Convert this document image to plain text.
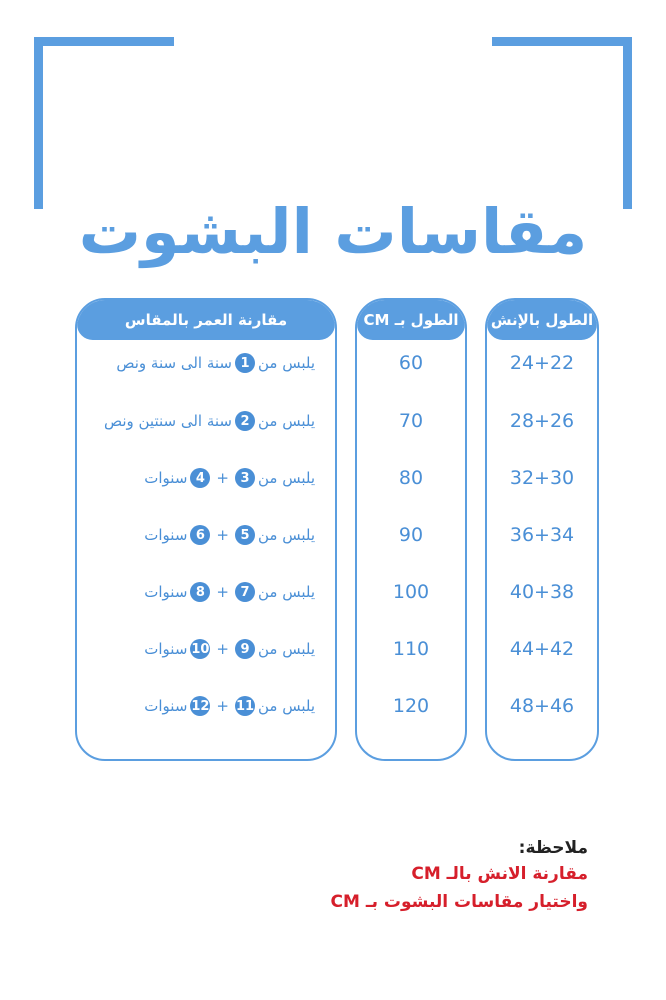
مقاسات البشوت
الطول بالإنش
24+22
28+26
32+30
36+34
40+38
44+42
48+46
الطول بـ CM
60
70
80
90
100
110
120
مقارنة العمر بالمقاس
يلبس من
1
سنة الى سنة ونص
يلبس من
2
سنة الى سنتين ونص
يلبس من
3
+
4
سنوات
يلبس من
5
+
6
سنوات
يلبس من
7
+
8
سنوات
يلبس من
9
+
10
سنوات
يلبس من
11
+
12
سنوات
ملاحظة:
مقارنة الانش بالـ CM
واختيار مقاسات البشوت بـ CM
